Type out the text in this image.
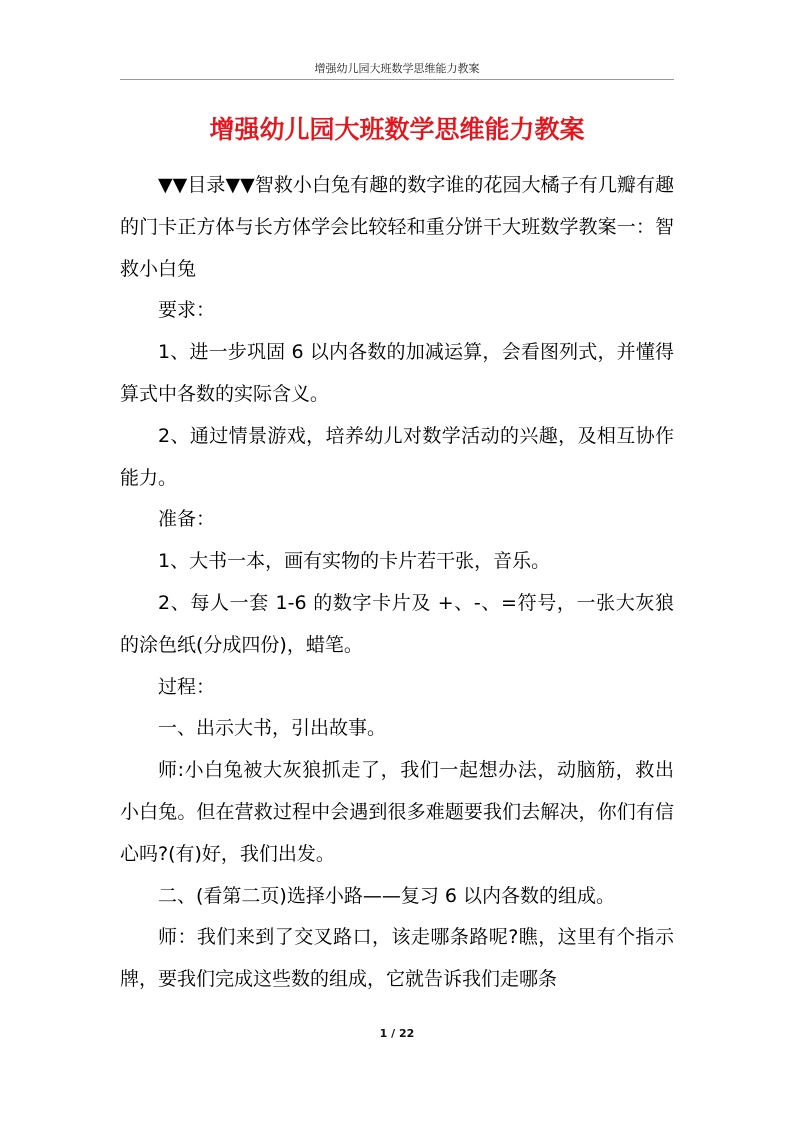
增强幼儿园大班数学思维能力教案
增强幼儿园大班数学思维能力教案

▼▼目录▼▼智救小白兔有趣的数字谁的花园大橘子有几瓣有趣的门卡正方体与长方体学会比较轻和重分饼干大班数学教案一：智救小白兔

要求：

1、进一步巩固 6 以内各数的加减运算，会看图列式，并懂得算式中各数的实际含义。

2、通过情景游戏，培养幼儿对数学活动的兴趣，及相互协作能力。

准备：

1、大书一本，画有实物的卡片若干张，音乐。

2、每人一套 1-6 的数字卡片及 +、-、=符号，一张大灰狼的涂色纸(分成四份)，蜡笔。

过程：

一、出示大书，引出故事。

师:小白兔被大灰狼抓走了，我们一起想办法，动脑筋，救出小白兔。但在营救过程中会遇到很多难题要我们去解决，你们有信心吗?(有)好，我们出发。

二、(看第二页)选择小路——复习 6 以内各数的组成。

师：我们来到了交叉路口，该走哪条路呢?瞧，这里有个指示牌，要我们完成这些数的组成，它就告诉我们走哪条

1 / 22
